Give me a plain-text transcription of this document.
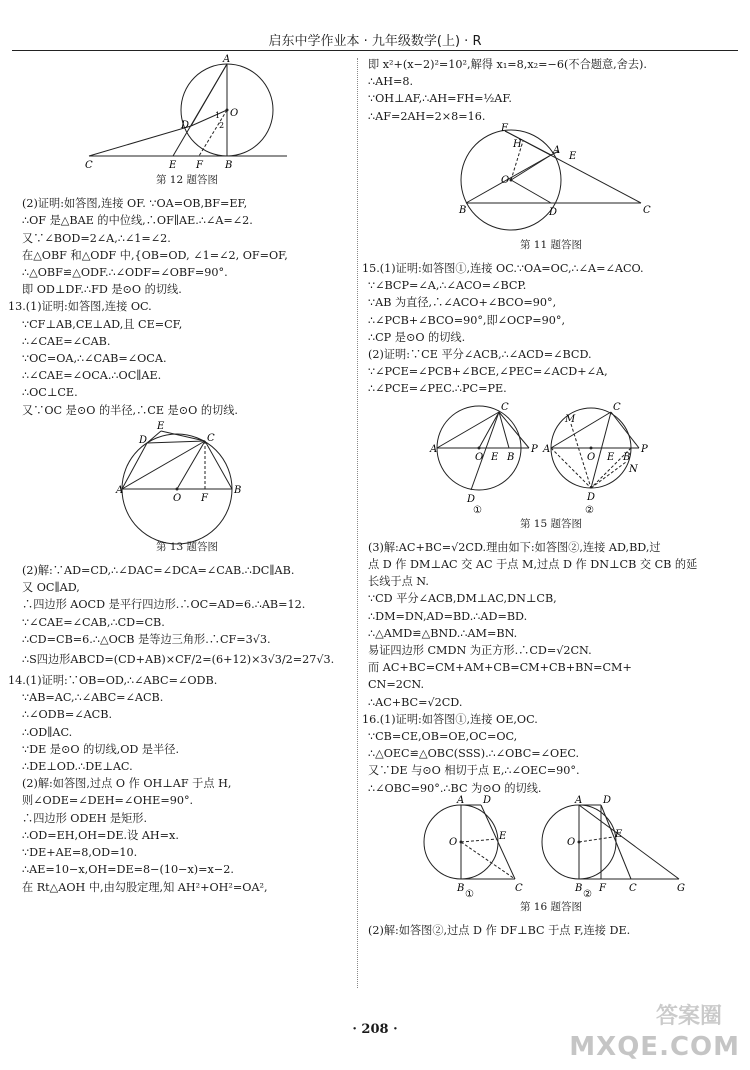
启东中学作业本 · 九年级数学(上) · R
A
O
D	2
1
C	E F B
第 12 题答图
(2)证明:如答图,连接 OF. ∵OA=OB,BF=EF,
∴OF 是△BAE 的中位线,∴OF∥AE.∴∠A=∠2.
又∵∠BOD=2∠A,∴∠1=∠2.
在△OBF 和△ODF 中,{OB=OD, ∠1=∠2, OF=OF,
∴△OBF≌△ODF.∴∠ODF=∠OBF=90°.
即 OD⊥DF.∴FD 是⊙O 的切线.
13.(1)证明:如答图,连接 OC.
∵CF⊥AB,CE⊥AD,且 CE=CF,
∴∠CAE=∠CAB.
∵OC=OA,∴∠CAB=∠OCA.
∴∠CAE=∠OCA.∴OC∥AE.
∴OC⊥CE.
又∵OC 是⊙O 的半径,∴CE 是⊙O 的切线.
E
C
D
A
O F
B
第 13 题答图
(2)解:∵AD=CD,∴∠DAC=∠DCA=∠CAB.∴DC∥AB.
又 OC∥AD,
∴四边形 AOCD 是平行四边形.∴OC=AD=6.∴AB=12.
∵∠CAE=∠CAB,∴CD=CB.
∴CD=CB=6.∴△OCB 是等边三角形.∴CF=3√3.
∴S四边形ABCD=(CD+AB)×CF/2=(6+12)×3√3/2=27√3.
14.(1)证明:∵OB=OD,∴∠ABC=∠ODB.
∵AB=AC,∴∠ABC=∠ACB.
∴∠ODB=∠ACB.
∴OD∥AC.
∵DE 是⊙O 的切线,OD 是半径.
∴DE⊥OD.∴DE⊥AC.
(2)解:如答图,过点 O 作 OH⊥AF 于点 H,
则∠ODE=∠DEH=∠OHE=90°.
∴四边形 ODEH 是矩形.
∴OD=EH,OH=DE.设 AH=x.
∵DE+AE=8,OD=10.
∴AE=10−x,OH=DE=8−(10−x)=x−2.
在 Rt△AOH 中,由勾股定理,知 AH²+OH²=OA²,
即 x²+(x−2)²=10²,解得 x₁=8,x₂=−6(不合题意,舍去).
∴AH=8.
∵OH⊥AF,∴AH=FH=½AF.
∴AF=2AH=2×8=16.
F
H
A
E
O
B	D	C
第 11 题答图
15.(1)证明:如答图①,连接 OC.∵OA=OC,∴∠A=∠ACO.
∵∠BCP=∠A,∴∠ACO=∠BCP.
∵AB 为直径,∴∠ACO+∠BCO=90°,
∴∠PCB+∠BCO=90°,即∠OCP=90°,
∴CP 是⊙O 的切线.
(2)证明:∵CE 平分∠ACB,∴∠ACD=∠BCD.
∵∠PCE=∠PCB+∠BCE,∠PEC=∠ACD+∠A,
∴∠PCE=∠PEC.∴PC=PE.
C
A
O E B
P
D
①
C
M
A
O E B
P
N
D
②
第 15 题答图
(3)解:AC+BC=√2CD.理由如下:如答图②,连接 AD,BD,过
点 D 作 DM⊥AC 交 AC 于点 M,过点 D 作 DN⊥CB 交 CB 的延
长线于点 N.
∵CD 平分∠ACB,DM⊥AC,DN⊥CB,
∴DM=DN,AD=BD.∴AD=BD.
∴△AMD≌△BND.∴AM=BN.
易证四边形 CMDN 为正方形.∴CD=√2CN.
而 AC+BC=CM+AM+CB=CM+CB+BN=CM+
CN=2CN.
∴AC+BC=√2CD.
16.(1)证明:如答图①,连接 OE,OC.
∵CB=CE,OB=OE,OC=OC,
∴△OEC≌△OBC(SSS).∴∠OBC=∠OEC.
又∵DE 与⊙O 相切于点 E,∴∠OEC=90°.
∴∠OBC=90°.∴BC 为⊙O 的切线.
A D
O
E
B	C
①
A D
O
E
B F C	G
②
第 16 题答图
(2)解:如答图②,过点 D 作 DF⊥BC 于点 F,连接 DE.
· 208 ·
答案圈
MXQE.COM
